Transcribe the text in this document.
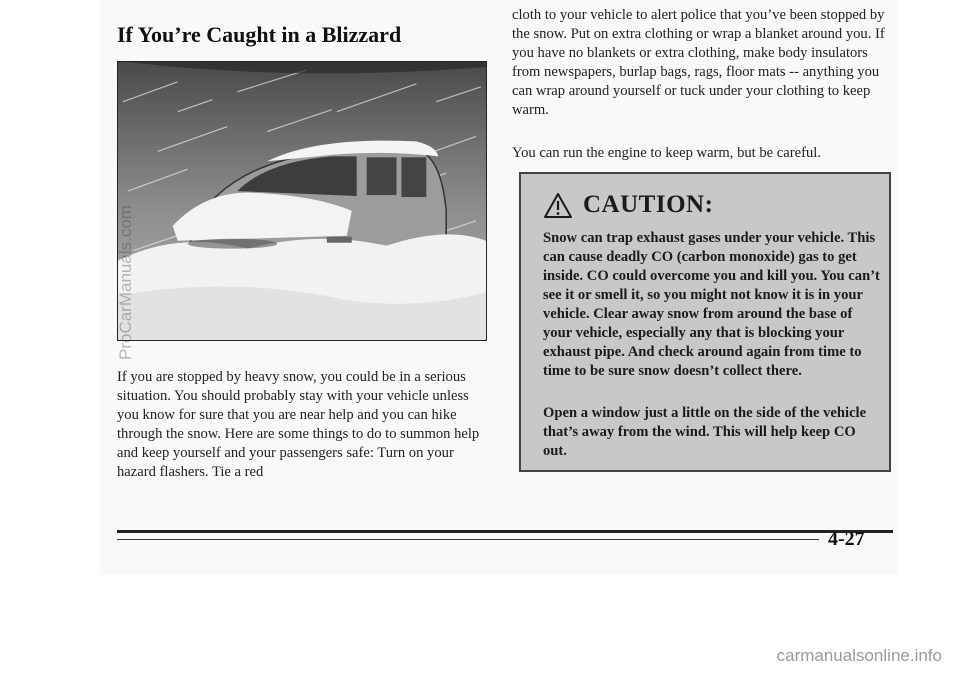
If You’re Caught in a Blizzard

If you are stopped by heavy snow, you could be in a serious situation. You should probably stay with your vehicle unless you know for sure that you are near help and you can hike through the snow. Here are some things to do to summon help and keep yourself and your passengers safe: Turn on your hazard flashers. Tie a red

cloth to your vehicle to alert police that you’ve been stopped by the snow. Put on extra clothing or wrap a blanket around you. If you have no blankets or extra clothing, make body insulators from newspapers, burlap bags, rags, floor mats -- anything you can wrap around yourself or tuck under your clothing to keep warm.

You can run the engine to keep warm, but be careful.

CAUTION:

Snow can trap exhaust gases under your vehicle. This can cause deadly CO (carbon monoxide) gas to get inside. CO could overcome you and kill you. You can’t see it or smell it, so you might not know it is in your vehicle. Clear away snow from around the base of your vehicle, especially any that is blocking your exhaust pipe. And check around again from time to time to be sure snow doesn’t collect there.

Open a window just a little on the side of the vehicle that’s away from the wind. This will help keep CO out.

4-27
ProCarManuals.com
carmanualsonline.info
